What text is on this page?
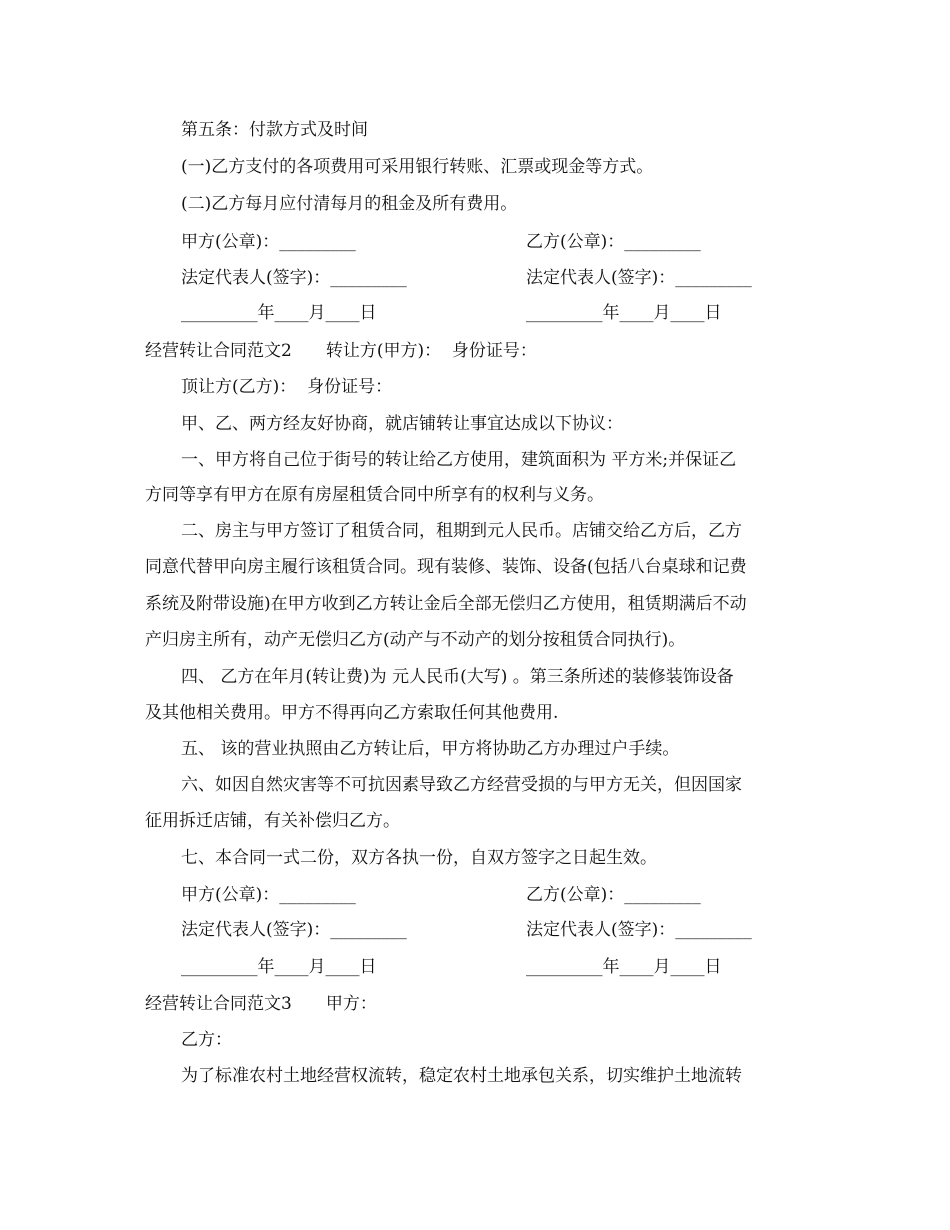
第五条：付款方式及时间
(一)乙方支付的各项费用可采用银行转账、汇票或现金等方式。
(二)乙方每月应付清每月的租金及所有费用。
甲方(公章)：_________	乙方(公章)：_________
法定代表人(签字)：_________	法定代表人(签字)：_________
_________年____月____日	_________年____月____日
经营转让合同范文2　　转让方(甲方)：  身份证号：
顶让方(乙方)：  身份证号：
甲、乙、两方经友好协商，就店铺转让事宜达成以下协议：
一、甲方将自己位于街号的转让给乙方使用，建筑面积为 平方米;并保证乙
方同等享有甲方在原有房屋租赁合同中所享有的权利与义务。
二、房主与甲方签订了租赁合同，租期到元人民币。店铺交给乙方后，乙方
同意代替甲向房主履行该租赁合同。现有装修、装饰、设备(包括八台桌球和记费
系统及附带设施)在甲方收到乙方转让金后全部无偿归乙方使用，租赁期满后不动
产归房主所有，动产无偿归乙方(动产与不动产的划分按租赁合同执行)。
四、 乙方在年月(转让费)为 元人民币(大写) 。第三条所述的装修装饰设备
及其他相关费用。甲方不得再向乙方索取任何其他费用.
五、 该的营业执照由乙方转让后，甲方将协助乙方办理过户手续。
六、如因自然灾害等不可抗因素导致乙方经营受损的与甲方无关，但因国家
征用拆迁店铺，有关补偿归乙方。
七、本合同一式二份，双方各执一份，自双方签字之日起生效。
甲方(公章)：_________	乙方(公章)：_________
法定代表人(签字)：_________	法定代表人(签字)：_________
_________年____月____日	_________年____月____日
经营转让合同范文3　　甲方：
乙方：
为了标准农村土地经营权流转，稳定农村土地承包关系，切实维护土地流转
